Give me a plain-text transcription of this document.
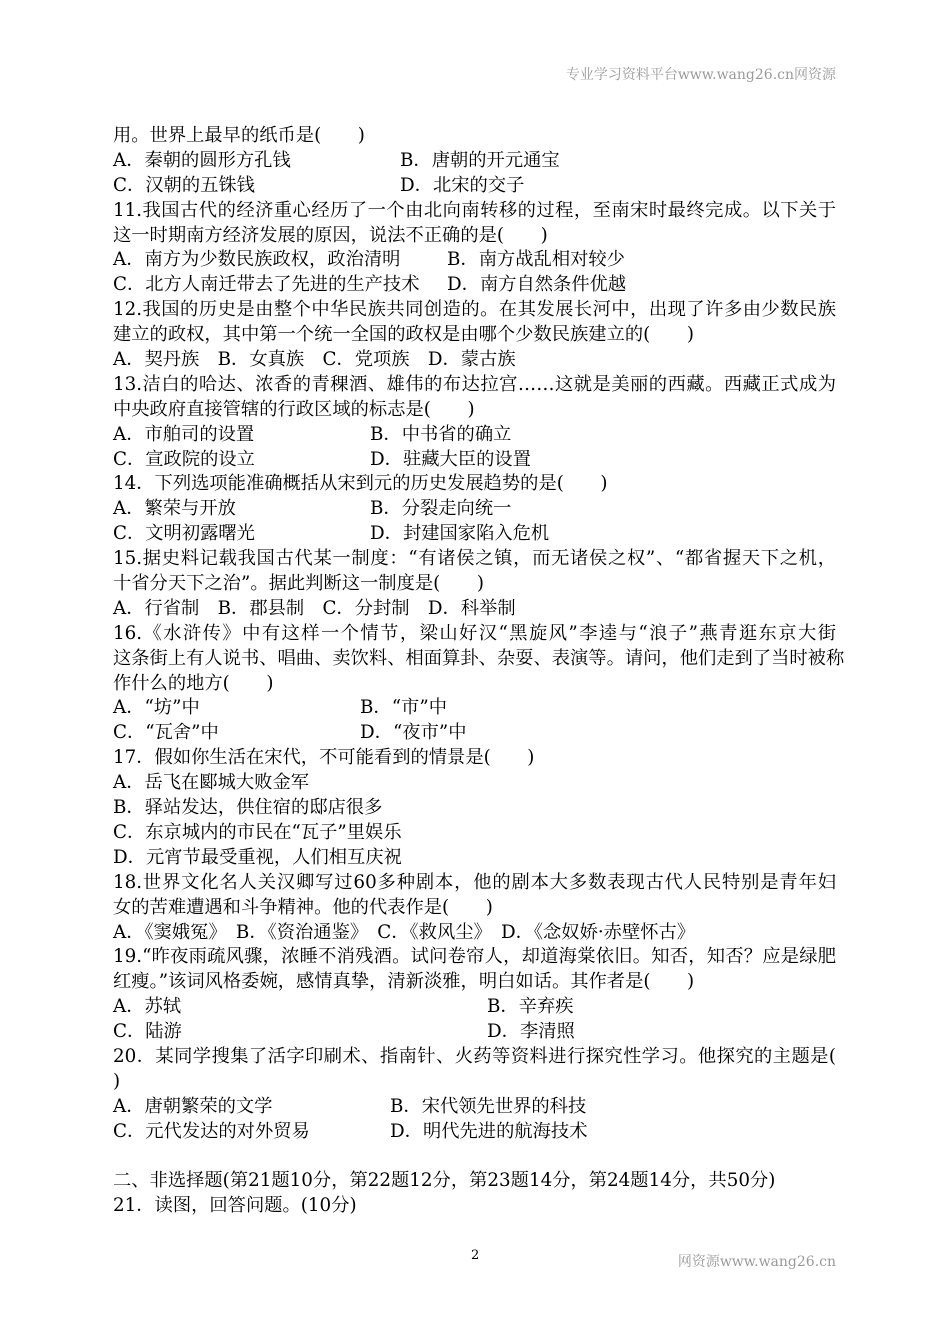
专业学习资料平台www.wang26.cn网资源
用。世界上最早的纸币是(　　)
A．秦朝的圆形方孔钱	B．唐朝的开元通宝
C．汉朝的五铢钱	D．北宋的交子
11.我国古代的经济重心经历了一个由北向南转移的过程，至南宋时最终完成。以下关于
这一时期南方经济发展的原因，说法不正确的是(　　)
A．南方为少数民族政权，政治清明	B．南方战乱相对较少
C．北方人南迁带去了先进的生产技术 D．南方自然条件优越
12.我国的历史是由整个中华民族共同创造的。在其发展长河中，出现了许多由少数民族
建立的政权，其中第一个统一全国的政权是由哪个少数民族建立的(　　)
A．契丹族　B．女真族　C．党项族　D．蒙古族
13.洁白的哈达、浓香的青稞酒、雄伟的布达拉宫……这就是美丽的西藏。西藏正式成为
中央政府直接管辖的行政区域的标志是(　　)
A．市舶司的设置	B．中书省的确立
C．宣政院的设立	D．驻藏大臣的设置
14．下列选项能准确概括从宋到元的历史发展趋势的是(　　)
A．繁荣与开放	B．分裂走向统一
C．文明初露曙光	D．封建国家陷入危机
15.据史料记载我国古代某一制度：“有诸侯之镇，而无诸侯之权”、“都省握天下之机，
十省分天下之治”。据此判断这一制度是(　　)
A．行省制　B．郡县制　C．分封制　D．科举制
16.《水浒传》中有这样一个情节，梁山好汉“黑旋风”李逵与“浪子”燕青逛东京大街
这条街上有人说书、唱曲、卖饮料、相面算卦、杂耍、表演等。请问，他们走到了当时被称
作什么的地方(　　)
A．“坊”中	B．“市”中
C．“瓦舍”中	D．“夜市”中
17．假如你生活在宋代，不可能看到的情景是(　　)
A．岳飞在郾城大败金军
B．驿站发达，供住宿的邸店很多
C．东京城内的市民在“瓦子”里娱乐
D．元宵节最受重视，人们相互庆祝
18.世界文化名人关汉卿写过60多种剧本，他的剧本大多数表现古代人民特别是青年妇
女的苦难遭遇和斗争精神。他的代表作是(　　)
A．《窦娥冤》　B．《资治通鉴》　C．《救风尘》　D．《念奴娇·赤壁怀古》
19.“昨夜雨疏风骤，浓睡不消残酒。试问卷帘人，却道海棠依旧。知否，知否？应是绿肥
红瘦。”该词风格委婉，感情真挚，清新淡雅，明白如话。其作者是(　　)
A．苏轼	B．辛弃疾
C．陆游	D．李清照
20．某同学搜集了活字印刷术、指南针、火药等资料进行探究性学习。他探究的主题是(
)
A．唐朝繁荣的文学	B．宋代领先世界的科技
C．元代发达的对外贸易	D．明代先进的航海技术
二、非选择题(第21题10分，第22题12分，第23题14分，第24题14分，共50分)
21．读图，回答问题。(10分)
2	网资源www.wang26.cn
